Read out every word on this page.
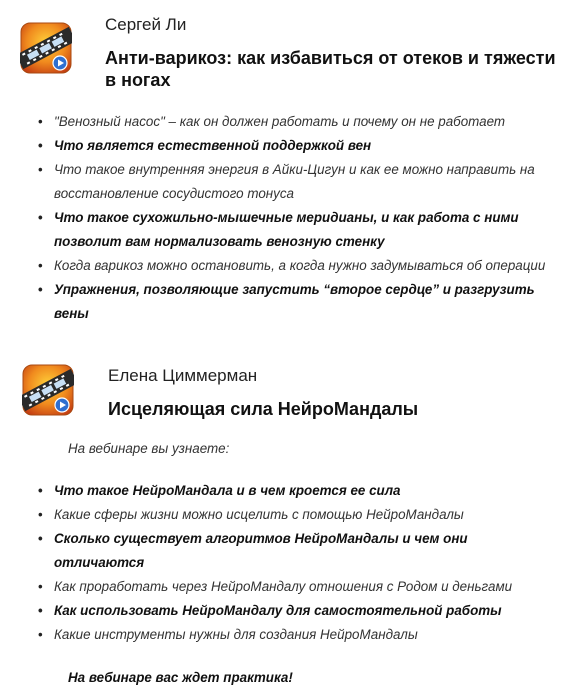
Сергей Ли
Анти-варикоз: как избавиться от отеков и тяжести в ногах
• "Венозный насос" – как он должен работать и почему он не работает
• Что является естественной поддержкой вен
• Что такое внутренняя энергия в Айки-Цигун и как ее можно направить на восстановление сосудистого тонуса
• Что такое сухожильно-мышечные меридианы, и как работа с ними позволит вам нормализовать венозную стенку
• Когда варикоз можно остановить, а когда нужно задумываться об операции
• Упражнения, позволяющие запустить “второе сердце” и разгрузить вены
Елена Циммерман
Исцеляющая сила НейроМандалы
На вебинаре вы узнаете:
• Что такое НейроМандала и в чем кроется ее сила
• Какие сферы жизни можно исцелить с помощью НейроМандалы
• Сколько существует алгоритмов НейроМандалы и чем они отличаются
• Как проработать через НейроМандалу отношения с Родом и деньгами
• Как использовать НейроМандалу для самостоятельной работы
• Какие инструменты нужны для создания НейроМандалы
На вебинаре вас ждет практика!
